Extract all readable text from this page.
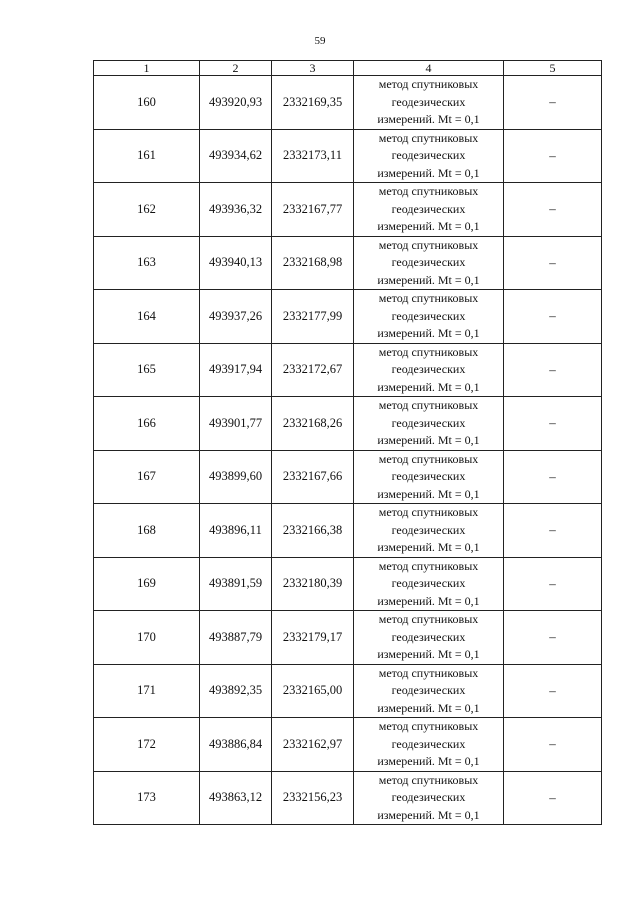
59
1	2	3	4	5
160	493920,93	2332169,35	метод спутниковых
геодезических
измерений. Mt = 0,1	–
161	493934,62	2332173,11	метод спутниковых
геодезических
измерений. Mt = 0,1	–
162	493936,32	2332167,77	метод спутниковых
геодезических
измерений. Mt = 0,1	–
163	493940,13	2332168,98	метод спутниковых
геодезических
измерений. Mt = 0,1	–
164	493937,26	2332177,99	метод спутниковых
геодезических
измерений. Mt = 0,1	–
165	493917,94	2332172,67	метод спутниковых
геодезических
измерений. Mt = 0,1	–
166	493901,77	2332168,26	метод спутниковых
геодезических
измерений. Mt = 0,1	–
167	493899,60	2332167,66	метод спутниковых
геодезических
измерений. Mt = 0,1	–
168	493896,11	2332166,38	метод спутниковых
геодезических
измерений. Mt = 0,1	–
169	493891,59	2332180,39	метод спутниковых
геодезических
измерений. Mt = 0,1	–
170	493887,79	2332179,17	метод спутниковых
геодезических
измерений. Mt = 0,1	–
171	493892,35	2332165,00	метод спутниковых
геодезических
измерений. Mt = 0,1	–
172	493886,84	2332162,97	метод спутниковых
геодезических
измерений. Mt = 0,1	–
173	493863,12	2332156,23	метод спутниковых
геодезических
измерений. Mt = 0,1	–
